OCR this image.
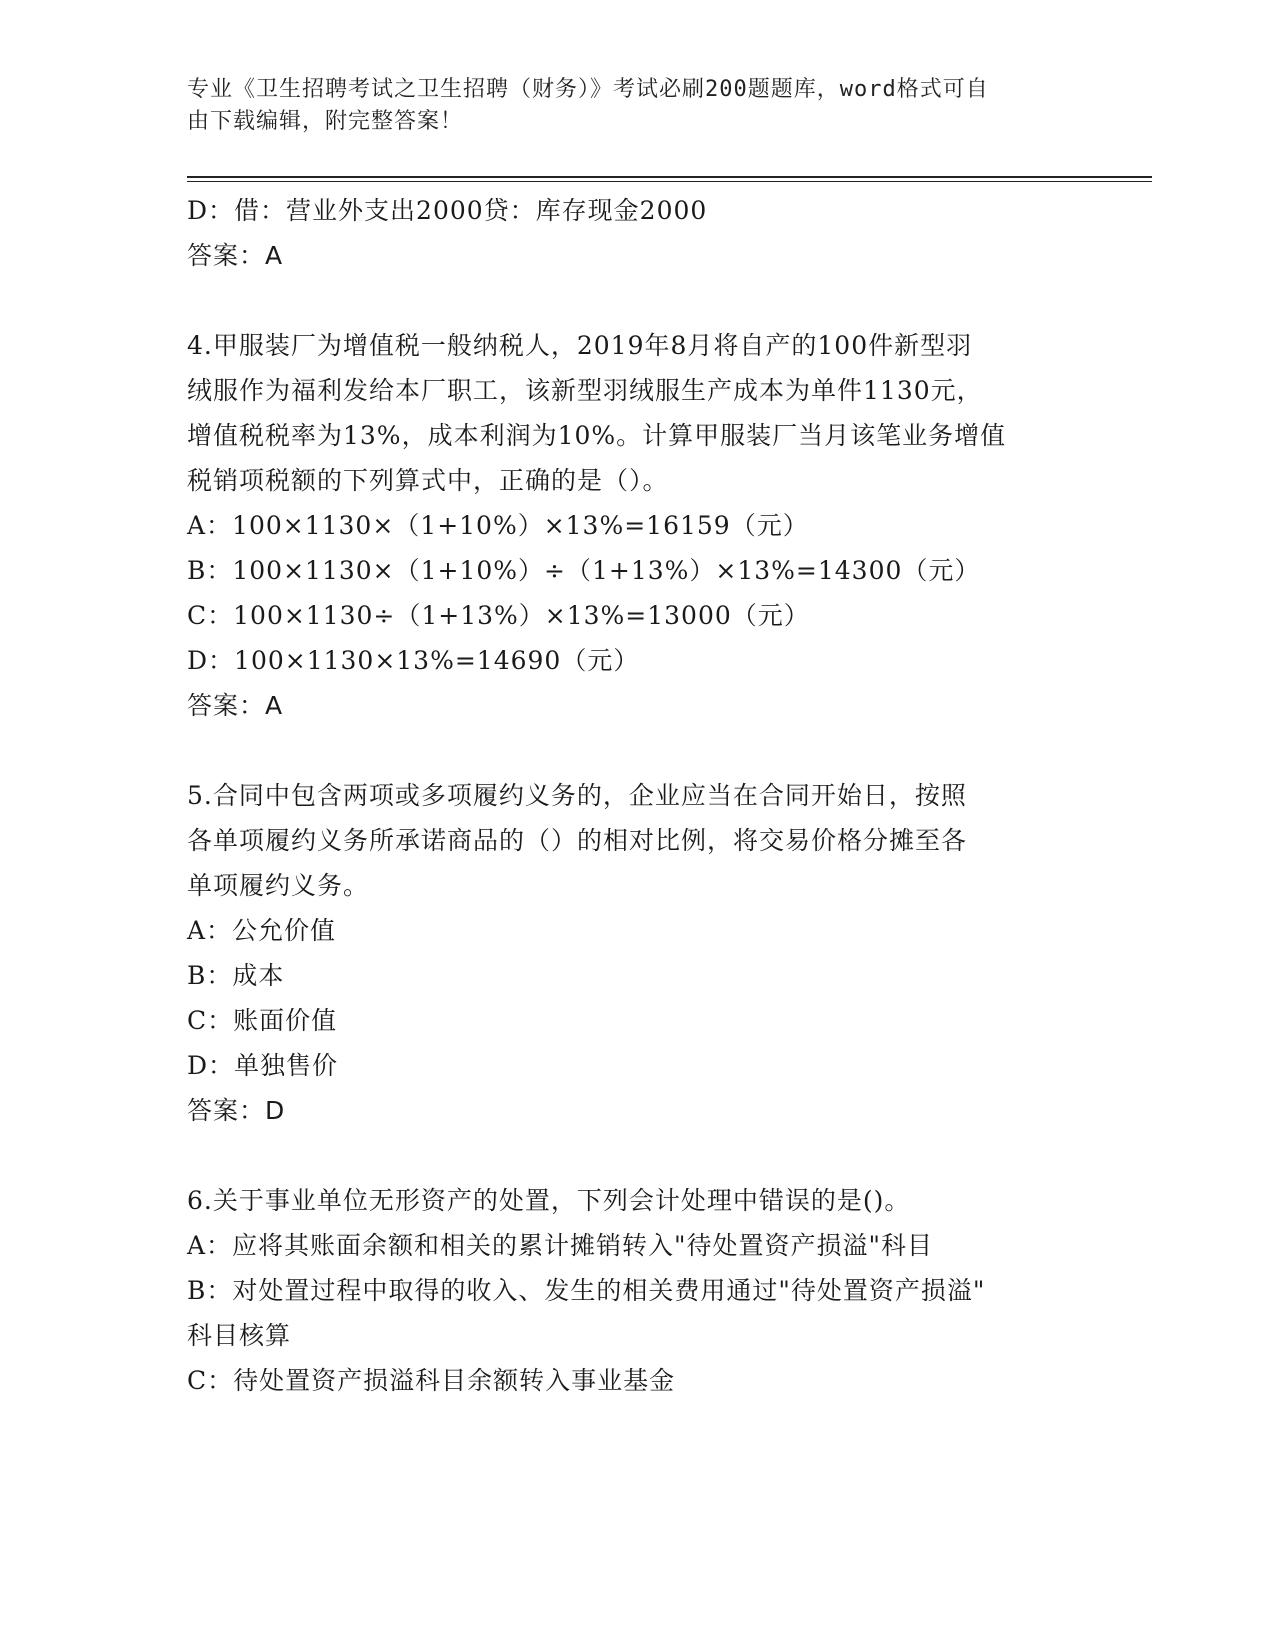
专业《卫生招聘考试之卫生招聘（财务）》考试必刷200题题库，word格式可自
由下载编辑，附完整答案！
D：借：营业外支出2000贷：库存现金2000
答案：A
4.甲服装厂为增值税一般纳税人，2019年8月将自产的100件新型羽
绒服作为福利发给本厂职工，该新型羽绒服生产成本为单件1130元，
增值税税率为13%，成本利润为10%。计算甲服装厂当月该笔业务增值
税销项税额的下列算式中，正确的是（）。
A：100×1130×（1+10%）×13%=16159（元）
B：100×1130×（1+10%）÷（1+13%）×13%=14300（元）
C：100×1130÷（1+13%）×13%=13000（元）
D：100×1130×13%=14690（元）
答案：A
5.合同中包含两项或多项履约义务的，企业应当在合同开始日，按照
各单项履约义务所承诺商品的（）的相对比例，将交易价格分摊至各
单项履约义务。
A：公允价值
B：成本
C：账面价值
D：单独售价
答案：D
6.关于事业单位无形资产的处置，下列会计处理中错误的是()。
A：应将其账面余额和相关的累计摊销转入"待处置资产损溢"科目
B：对处置过程中取得的收入、发生的相关费用通过"待处置资产损溢"
科目核算
C：待处置资产损溢科目余额转入事业基金
